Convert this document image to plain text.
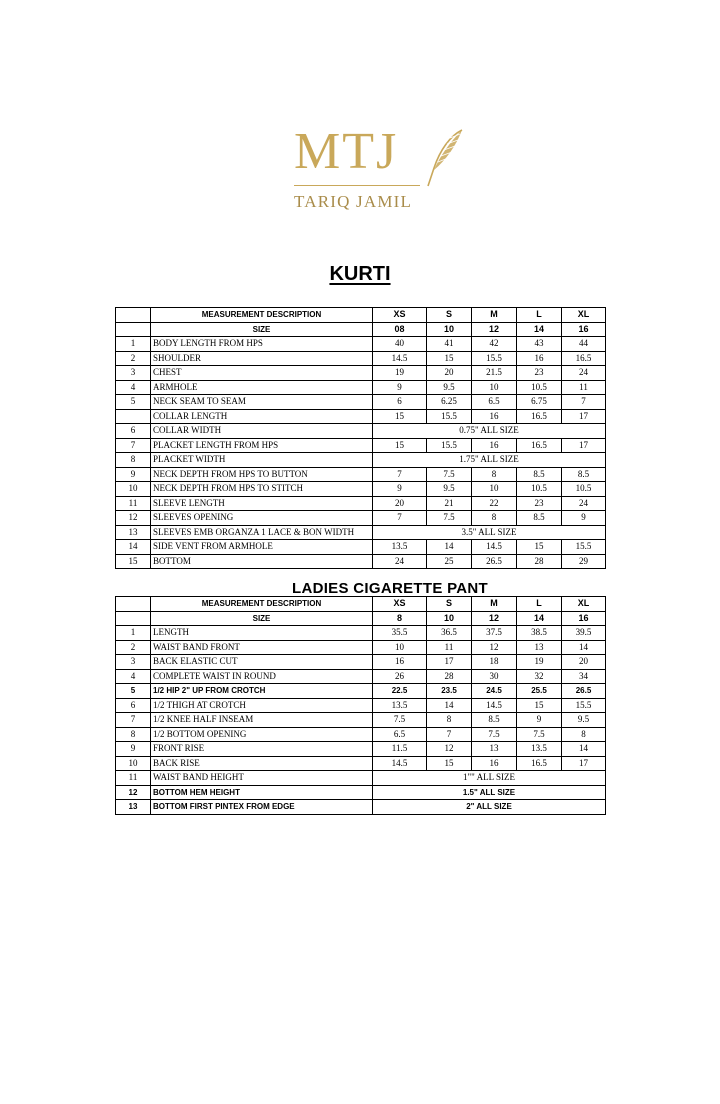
MTJ
TARIQ JAMIL
KURTI
	MEASUREMENT DESCRIPTION	XS	S	M	L	XL
	SIZE	08	10	12	14	16
1	BODY LENGTH FROM HPS	40	41	42	43	44
2	SHOULDER	14.5	15	15.5	16	16.5
3	CHEST	19	20	21.5	23	24
4	ARMHOLE	9	9.5	10	10.5	11
5	NECK SEAM TO SEAM	6	6.25	6.5	6.75	7
	COLLAR LENGTH	15	15.5	16	16.5	17
6	COLLAR WIDTH	0.75" ALL SIZE				
7	PLACKET LENGTH FROM HPS	15	15.5	16	16.5	17
8	PLACKET WIDTH	1.75" ALL SIZE				
9	NECK DEPTH FROM HPS TO BUTTON	7	7.5	8	8.5	8.5
10	NECK DEPTH FROM HPS TO STITCH	9	9.5	10	10.5	10.5
11	SLEEVE LENGTH	20	21	22	23	24
12	SLEEVES OPENING	7	7.5	8	8.5	9
13	SLEEVES EMB ORGANZA 1 LACE & BON WIDTH	3.5" ALL SIZE				
14	SIDE VENT FROM ARMHOLE	13.5	14	14.5	15	15.5
15	BOTTOM	24	25	26.5	28	29
LADIES CIGARETTE PANT
	MEASUREMENT DESCRIPTION	XS	S	M	L	XL
	SIZE	8	10	12	14	16
1	LENGTH	35.5	36.5	37.5	38.5	39.5
2	WAIST BAND FRONT	10	11	12	13	14
3	BACK ELASTIC CUT	16	17	18	19	20
4	COMPLETE WAIST IN ROUND	26	28	30	32	34
5	1/2 HIP 2" UP FROM CROTCH	22.5	23.5	24.5	25.5	26.5
6	1/2 THIGH AT CROTCH	13.5	14	14.5	15	15.5
7	1/2 KNEE HALF INSEAM	7.5	8	8.5	9	9.5
8	1/2 BOTTOM OPENING	6.5	7	7.5	7.5	8
9	FRONT RISE	11.5	12	13	13.5	14
10	BACK RISE	14.5	15	16	16.5	17
11	WAIST BAND HEIGHT	1"" ALL SIZE				
12	BOTTOM HEM HEIGHT	1.5" ALL SIZE				
13	BOTTOM FIRST PINTEX FROM EDGE	2" ALL SIZE				
